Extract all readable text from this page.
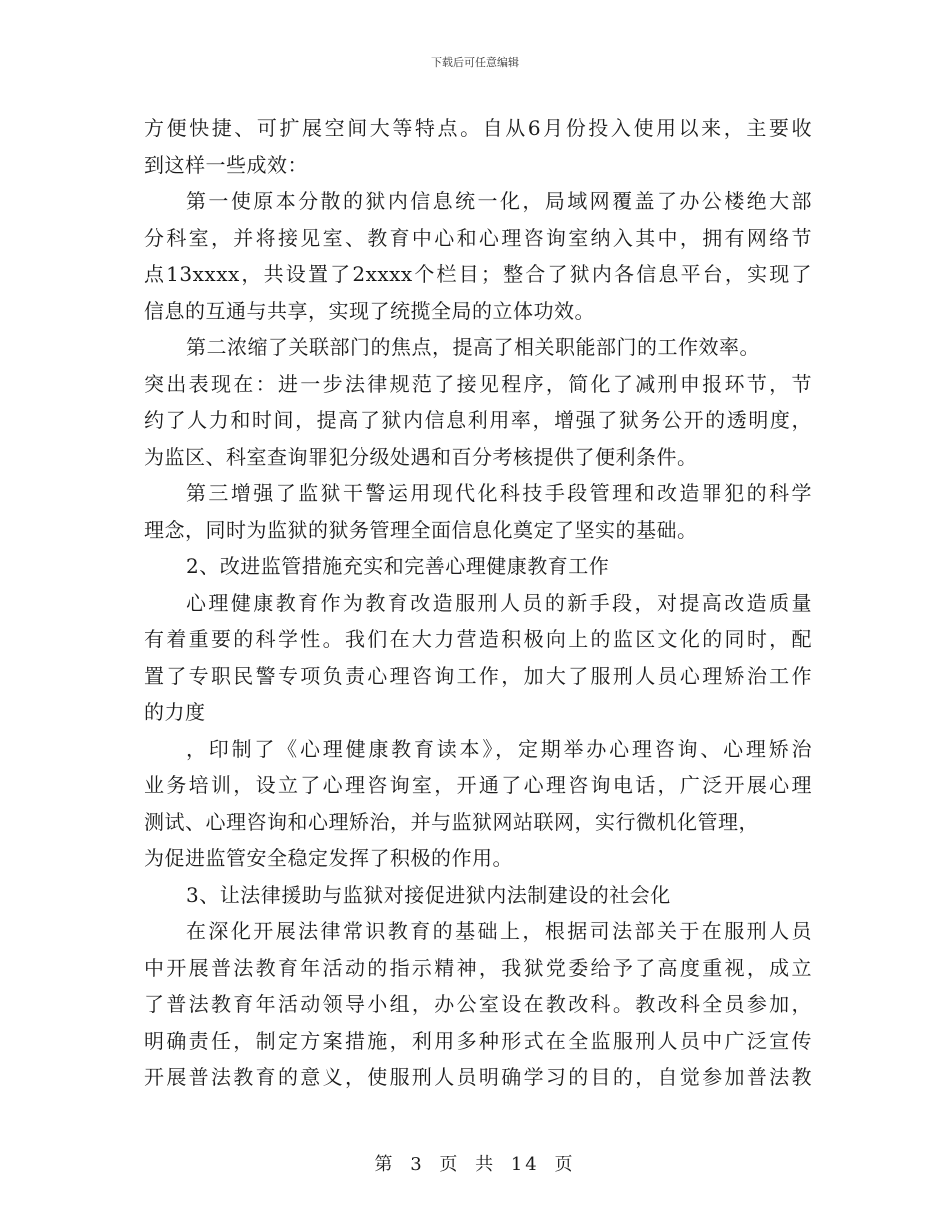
下载后可任意编辑
方便快捷、可扩展空间大等特点。自从6月份投入使用以来，主要收
到这样一些成效：
第一使原本分散的狱内信息统一化，局域网覆盖了办公楼绝大部
分科室，并将接见室、教育中心和心理咨询室纳入其中，拥有网络节
点13xxxx，共设置了2xxxx个栏目；整合了狱内各信息平台，实现了
信息的互通与共享，实现了统揽全局的立体功效。
第二浓缩了关联部门的焦点，提高了相关职能部门的工作效率。
突出表现在：进一步法律规范了接见程序，简化了减刑申报环节，节
约了人力和时间，提高了狱内信息利用率，增强了狱务公开的透明度，
为监区、科室查询罪犯分级处遇和百分考核提供了便利条件。
第三增强了监狱干警运用现代化科技手段管理和改造罪犯的科学
理念，同时为监狱的狱务管理全面信息化奠定了坚实的基础。
2、改进监管措施充实和完善心理健康教育工作
心理健康教育作为教育改造服刑人员的新手段，对提高改造质量
有着重要的科学性。我们在大力营造积极向上的监区文化的同时，配
置了专职民警专项负责心理咨询工作，加大了服刑人员心理矫治工作
的力度
，印制了《心理健康教育读本》，定期举办心理咨询、心理矫治
业务培训，设立了心理咨询室，开通了心理咨询电话，广泛开展心理
测试、心理咨询和心理矫治，并与监狱网站联网，实行微机化管理，
为促进监管安全稳定发挥了积极的作用。
3、让法律援助与监狱对接促进狱内法制建设的社会化
在深化开展法律常识教育的基础上，根据司法部关于在服刑人员
中开展普法教育年活动的指示精神，我狱党委给予了高度重视，成立
了普法教育年活动领导小组，办公室设在教改科。教改科全员参加，
明确责任，制定方案措施，利用多种形式在全监服刑人员中广泛宣传
开展普法教育的意义，使服刑人员明确学习的目的，自觉参加普法教
第 3 页 共 14 页
